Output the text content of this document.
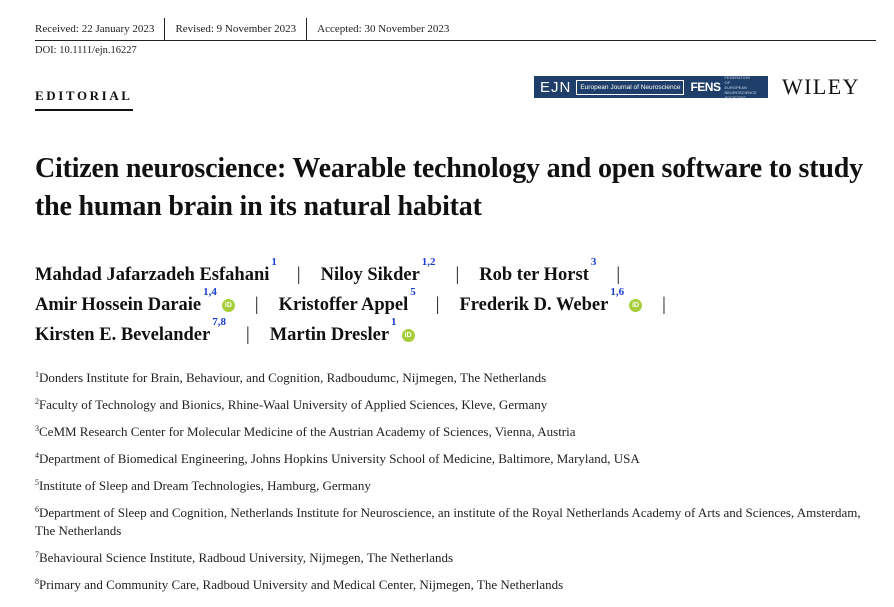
Received: 22 January 2023 Revised: 9 November 2023 Accepted: 30 November 2023
DOI: 10.1111/ejn.16227
EDITORIAL	EJN	European Journal of Neuroscience FENS
FEDERATION OF EUROPEAN NEUROSCIENCE SOCIETIES WILEY
Citizen neuroscience: Wearable technology and open software to study the human brain in its natural habitat
Mahdad Jafarzadeh Esfahani
$^1$
| Niloy Sikder
$^{1,2}$
| Rob ter Horst
$^3$
|
Amir Hossein Daraie
$^{1,4}$
iD | Kristoffer Appel
$^5$
| Frederik D. Weber
$^{1,6}$
iD |
Kirsten E. Bevelander
$^{7,8}$
| Martin Dresler
$^1$
iD
$^1$Donders Institute for Brain, Behaviour, and Cognition, Radboudumc, Nijmegen, The Netherlands
$^2$Faculty of Technology and Bionics, Rhine-Waal University of Applied Sciences, Kleve, Germany
$^3$CeMM Research Center for Molecular Medicine of the Austrian Academy of Sciences, Vienna, Austria
$^4$Department of Biomedical Engineering, Johns Hopkins University School of Medicine, Baltimore, Maryland, USA
$^5$Institute of Sleep and Dream Technologies, Hamburg, Germany
$^6$Department of Sleep and Cognition, Netherlands Institute for Neuroscience, an institute of the Royal Netherlands Academy of Arts and Sciences, Amsterdam, The Netherlands
$^7$Behavioural Science Institute, Radboud University, Nijmegen, The Netherlands
$^8$Primary and Community Care, Radboud University and Medical Center, Nijmegen, The Netherlands
